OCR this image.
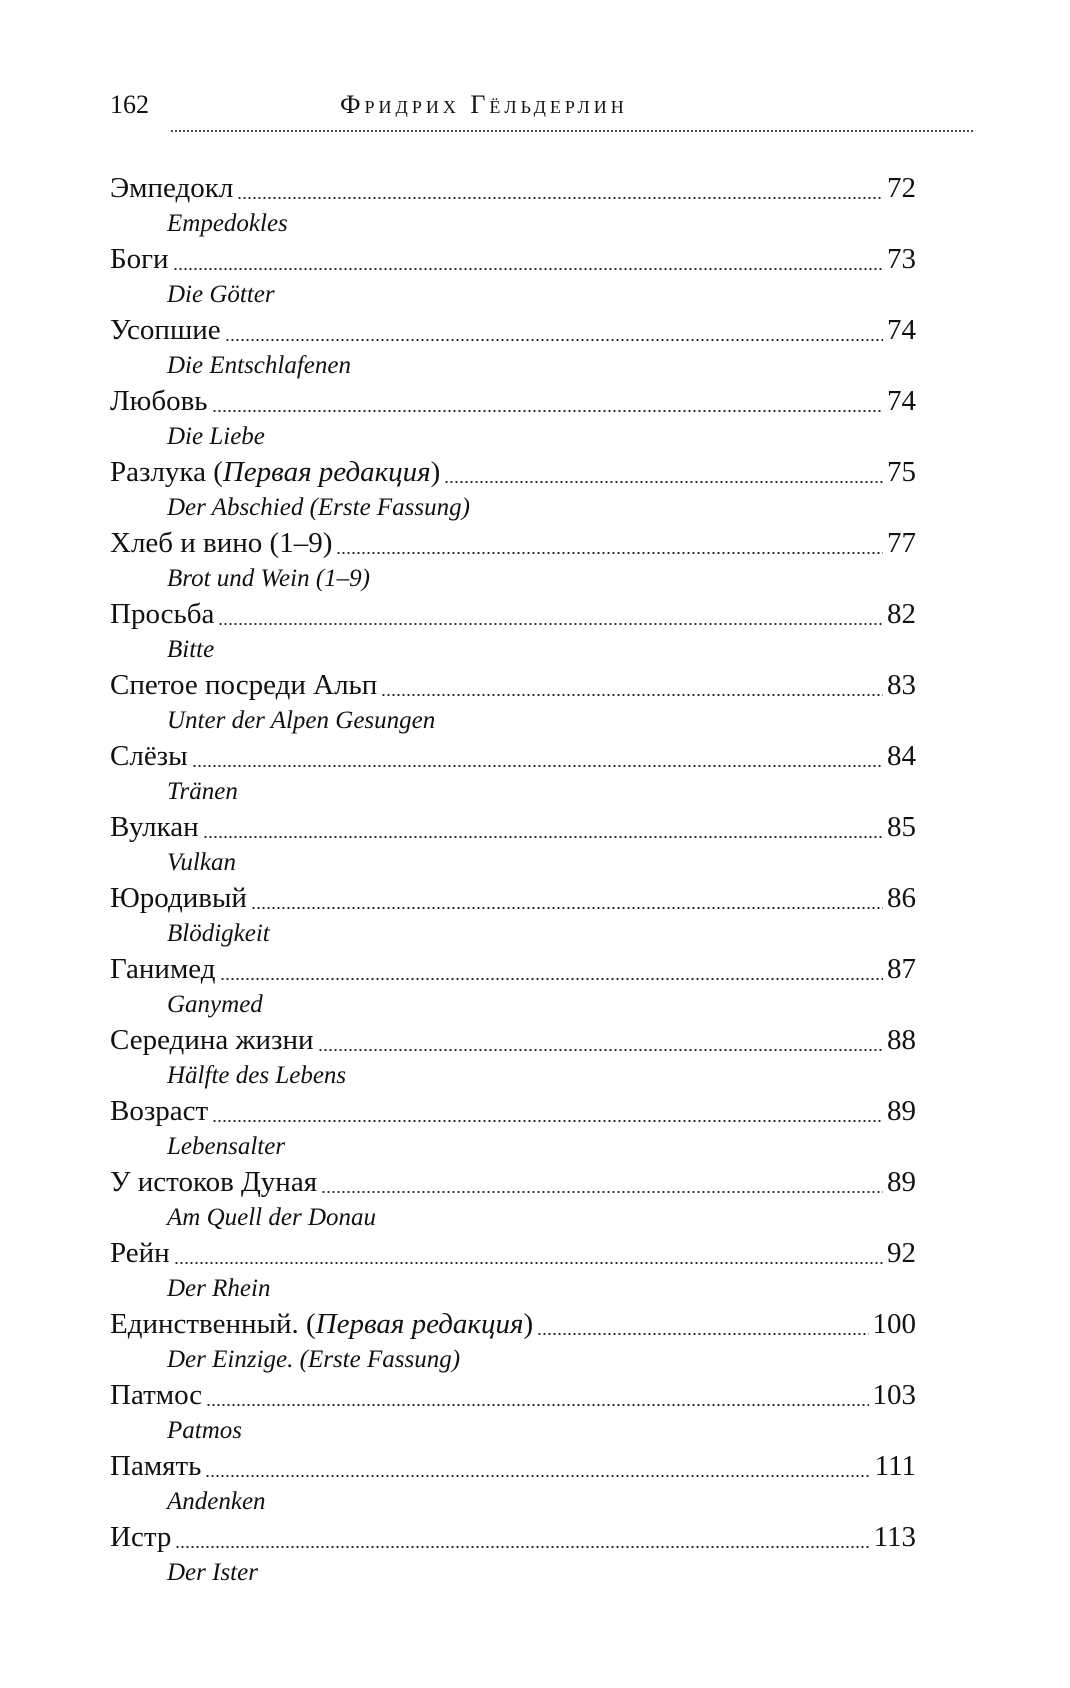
162	Фридрих Гёльдерлин
Эмпедокл	72
Empedokles
Боги	73
Die Götter
Усопшие	74
Die Entschlafenen
Любовь	74
Die Liebe
Разлука (Первая редакция)	75
Der Abschied (Erste Fassung)
Хлеб и вино (1–9)	77
Brot und Wein (1–9)
Просьба	82
Bitte
Спетое посреди Альп	83
Unter der Alpen Gesungen
Слёзы	84
Tränen
Вулкан	85
Vulkan
Юродивый	86
Blödigkeit
Ганимед	87
Ganymed
Середина жизни	88
Hälfte des Lebens
Возраст	89
Lebensalter
У истоков Дуная	89
Am Quell der Donau
Рейн	92
Der Rhein
Единственный. (Первая редакция)	100
Der Einzige. (Erste Fassung)
Патмос	103
Patmos
Память	111
Andenken
Истр	113
Der Ister
